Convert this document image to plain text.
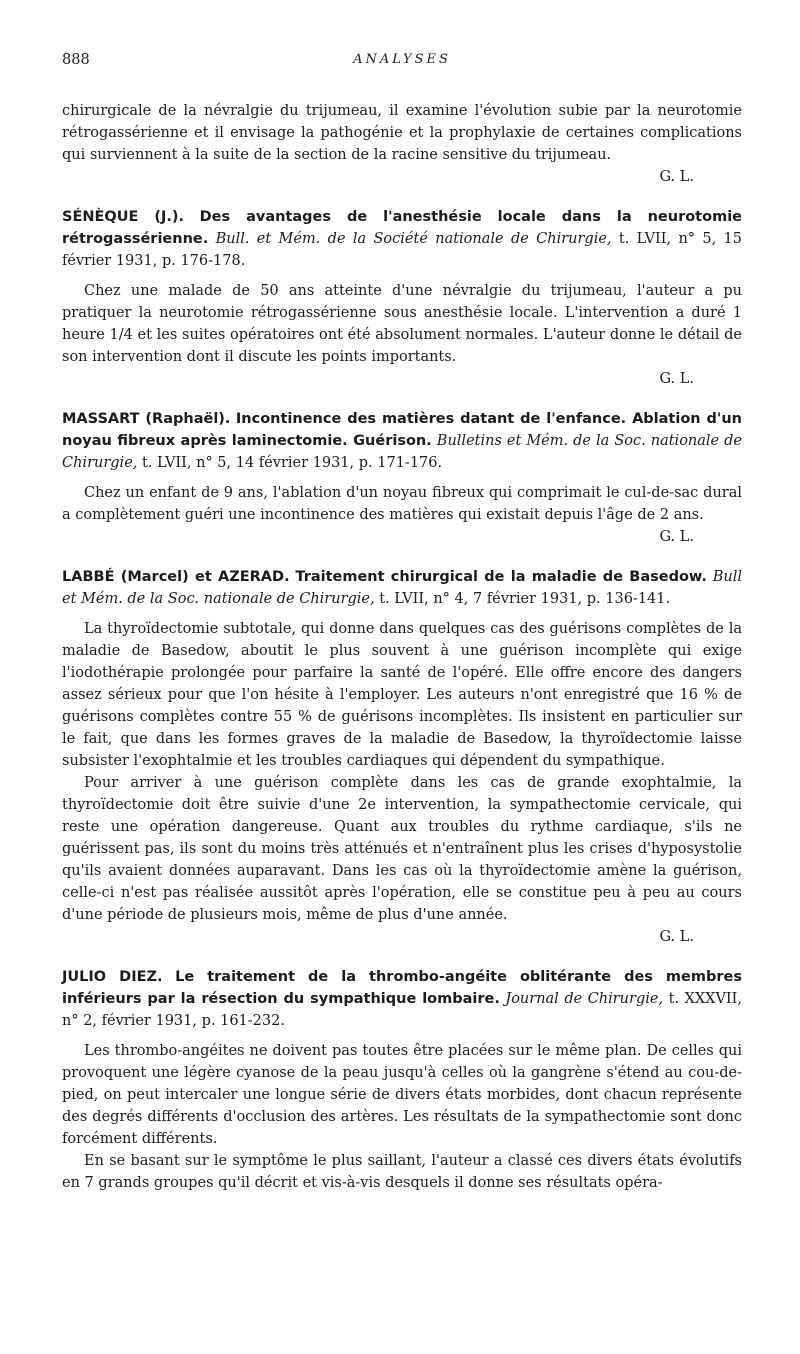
888	ANALYSES

chirurgicale de la névralgie du trijumeau, il examine l'évolution subie par la neurotomie rétrogassérienne et il envisage la pathogénie et la prophylaxie de certaines complications qui surviennent à la suite de la section de la racine sensitive du trijumeau.

G. L.

SÉNÈQUE (J.). Des avantages de l'anesthésie locale dans la neurotomie rétrogassérienne. Bull. et Mém. de la Société nationale de Chirurgie, t. LVII, n° 5, 15 février 1931, p. 176-178.

Chez une malade de 50 ans atteinte d'une névralgie du trijumeau, l'auteur a pu pratiquer la neurotomie rétrogassérienne sous anesthésie locale. L'intervention a duré 1 heure 1/4 et les suites opératoires ont été absolument normales. L'auteur donne le détail de son intervention dont il discute les points importants.

G. L.

MASSART (Raphaël). Incontinence des matières datant de l'enfance. Ablation d'un noyau fibreux après laminectomie. Guérison. Bulletins et Mém. de la Soc. nationale de Chirurgie, t. LVII, n° 5, 14 février 1931, p. 171-176.

Chez un enfant de 9 ans, l'ablation d'un noyau fibreux qui comprimait le cul-de-sac dural a complètement guéri une incontinence des matières qui existait depuis l'âge de 2 ans.

G. L.

LABBÉ (Marcel) et AZERAD. Traitement chirurgical de la maladie de Basedow. Bull et Mém. de la Soc. nationale de Chirurgie, t. LVII, n° 4, 7 février 1931, p. 136-141.

La thyroïdectomie subtotale, qui donne dans quelques cas des guérisons complètes de la maladie de Basedow, aboutit le plus souvent à une guérison incomplète qui exige l'iodothérapie prolongée pour parfaire la santé de l'opéré. Elle offre encore des dangers assez sérieux pour que l'on hésite à l'employer. Les auteurs n'ont enregistré que 16 % de guérisons complètes contre 55 % de guérisons incomplètes. Ils insistent en particulier sur le fait, que dans les formes graves de la maladie de Basedow, la thyroïdectomie laisse subsister l'exophtalmie et les troubles cardiaques qui dépendent du sympathique.

Pour arriver à une guérison complète dans les cas de grande exophtalmie, la thyroïdectomie doit être suivie d'une 2e intervention, la sympathectomie cervicale, qui reste une opération dangereuse. Quant aux troubles du rythme cardiaque, s'ils ne guérissent pas, ils sont du moins très atténués et n'entraînent plus les crises d'hyposystolie qu'ils avaient données auparavant. Dans les cas où la thyroïdectomie amène la guérison, celle-ci n'est pas réalisée aussitôt après l'opération, elle se constitue peu à peu au cours d'une période de plusieurs mois, même de plus d'une année.

G. L.

JULIO DIEZ. Le traitement de la thrombo-angéite oblitérante des membres inférieurs par la résection du sympathique lombaire. Journal de Chirurgie, t. XXXVII, n° 2, février 1931, p. 161-232.

Les thrombo-angéites ne doivent pas toutes être placées sur le même plan. De celles qui provoquent une légère cyanose de la peau jusqu'à celles où la gangrène s'étend au cou-de-pied, on peut intercaler une longue série de divers états morbides, dont chacun représente des degrés différents d'occlusion des artères. Les résultats de la sympathectomie sont donc forcément différents.

En se basant sur le symptôme le plus saillant, l'auteur a classé ces divers états évolutifs en 7 grands groupes qu'il décrit et vis-à-vis desquels il donne ses résultats opéra-
